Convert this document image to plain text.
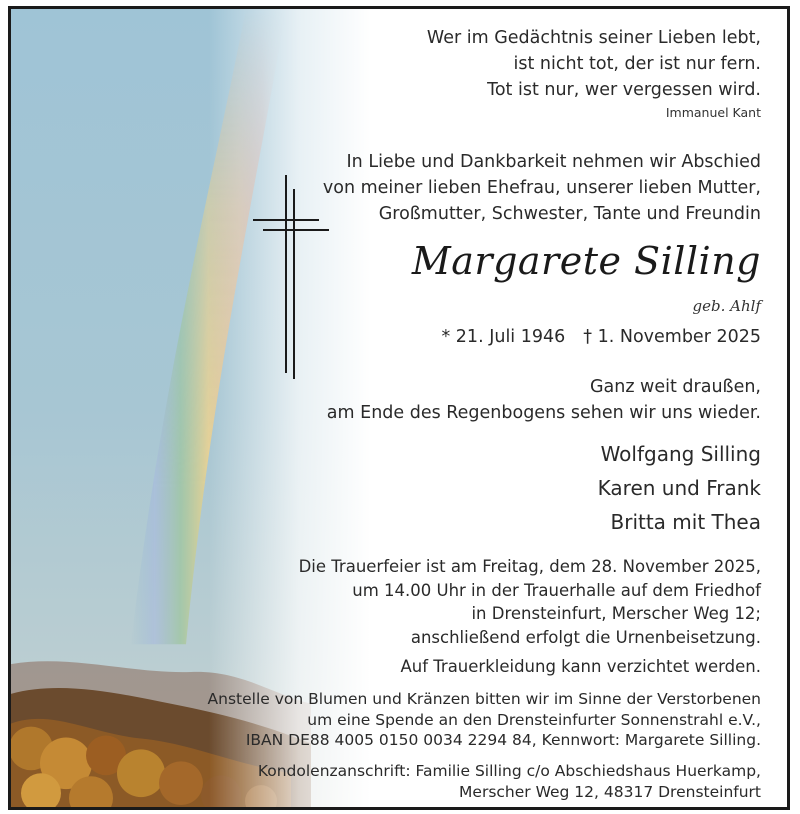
Wer im Gedächtnis seiner Lieben lebt,
ist nicht tot, der ist nur fern.
Tot ist nur, wer vergessen wird.
Immanuel Kant
In Liebe und Dankbarkeit nehmen wir Abschied
von meiner lieben Ehefrau, unserer lieben Mutter,
Großmutter, Schwester, Tante und Freundin
Margarete Silling
geb. Ahlf
* 21. Juli 1946 † 1. November 2025
Ganz weit draußen,
am Ende des Regenbogens sehen wir uns wieder.
Wolfgang Silling
Karen und Frank
Britta mit Thea
Die Trauerfeier ist am Freitag, dem 28. November 2025,
um 14.00 Uhr in der Trauerhalle auf dem Friedhof
in Drensteinfurt, Merscher Weg 12;
anschließend erfolgt die Urnenbeisetzung.
Auf Trauerkleidung kann verzichtet werden.
Anstelle von Blumen und Kränzen bitten wir im Sinne der Verstorbenen
um eine Spende an den Drensteinfurter Sonnenstrahl e.V.,
IBAN DE88 4005 0150 0034 2294 84, Kennwort: Margarete Silling.
Kondolenzanschrift: Familie Silling c/o Abschiedshaus Huerkamp,
Merscher Weg 12, 48317 Drensteinfurt
